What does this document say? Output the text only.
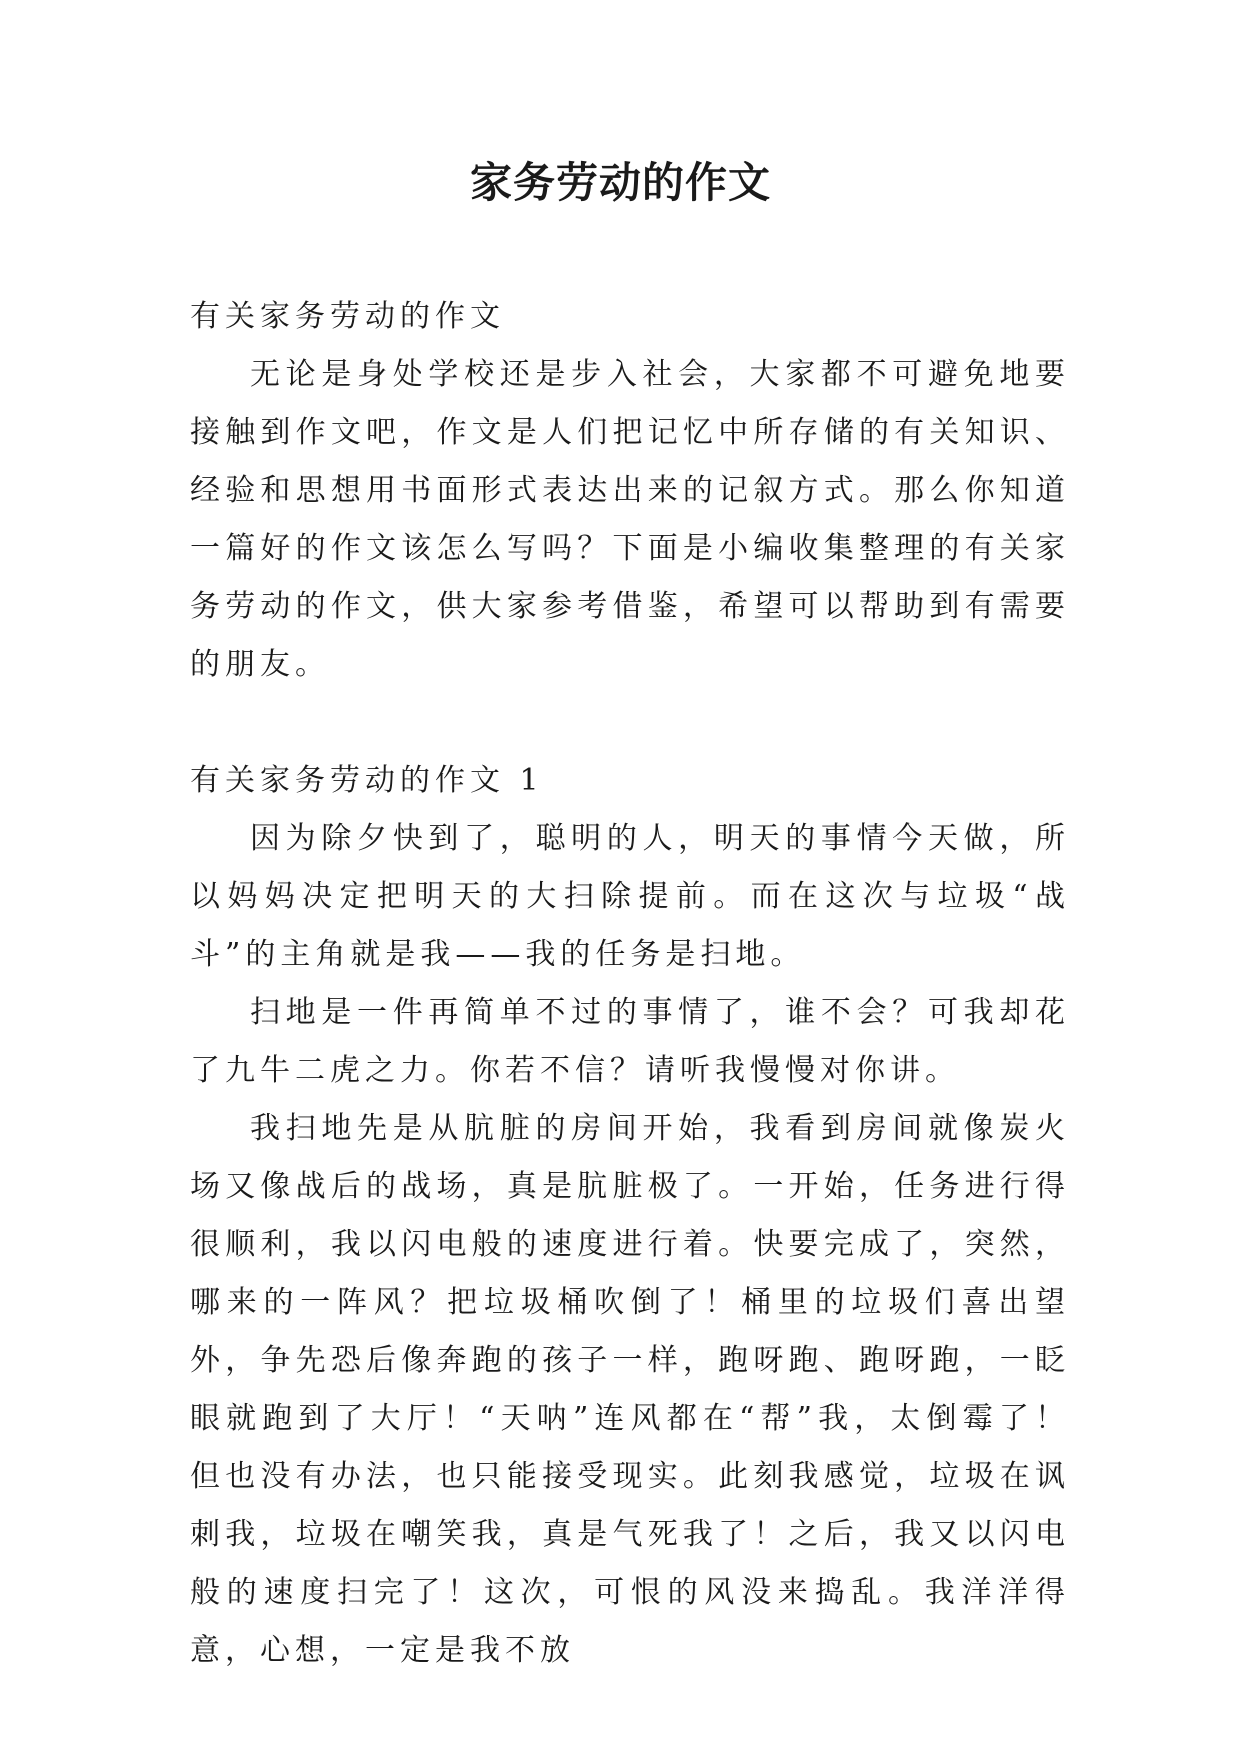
家务劳动的作文

有关家务劳动的作文

无论是身处学校还是步入社会，大家都不可避免地要接触到作文吧，作文是人们把记忆中所存储的有关知识、经验和思想用书面形式表达出来的记叙方式。那么你知道一篇好的作文该怎么写吗？下面是小编收集整理的有关家务劳动的作文，供大家参考借鉴，希望可以帮助到有需要的朋友。

有关家务劳动的作文 1

因为除夕快到了，聪明的人，明天的事情今天做，所以妈妈决定把明天的大扫除提前。而在这次与垃圾“战斗”的主角就是我——我的任务是扫地。

扫地是一件再简单不过的事情了，谁不会？可我却花了九牛二虎之力。你若不信？请听我慢慢对你讲。

我扫地先是从肮脏的房间开始，我看到房间就像炭火场又像战后的战场，真是肮脏极了。一开始，任务进行得很顺利，我以闪电般的速度进行着。快要完成了，突然，哪来的一阵风？把垃圾桶吹倒了！桶里的垃圾们喜出望外，争先恐后像奔跑的孩子一样，跑呀跑、跑呀跑，一眨眼就跑到了大厅！“天呐”连风都在“帮”我，太倒霉了！但也没有办法，也只能接受现实。此刻我感觉，垃圾在讽刺我，垃圾在嘲笑我，真是气死我了！之后，我又以闪电般的速度扫完了！这次，可恨的风没来捣乱。我洋洋得意，心想，一定是我不放
